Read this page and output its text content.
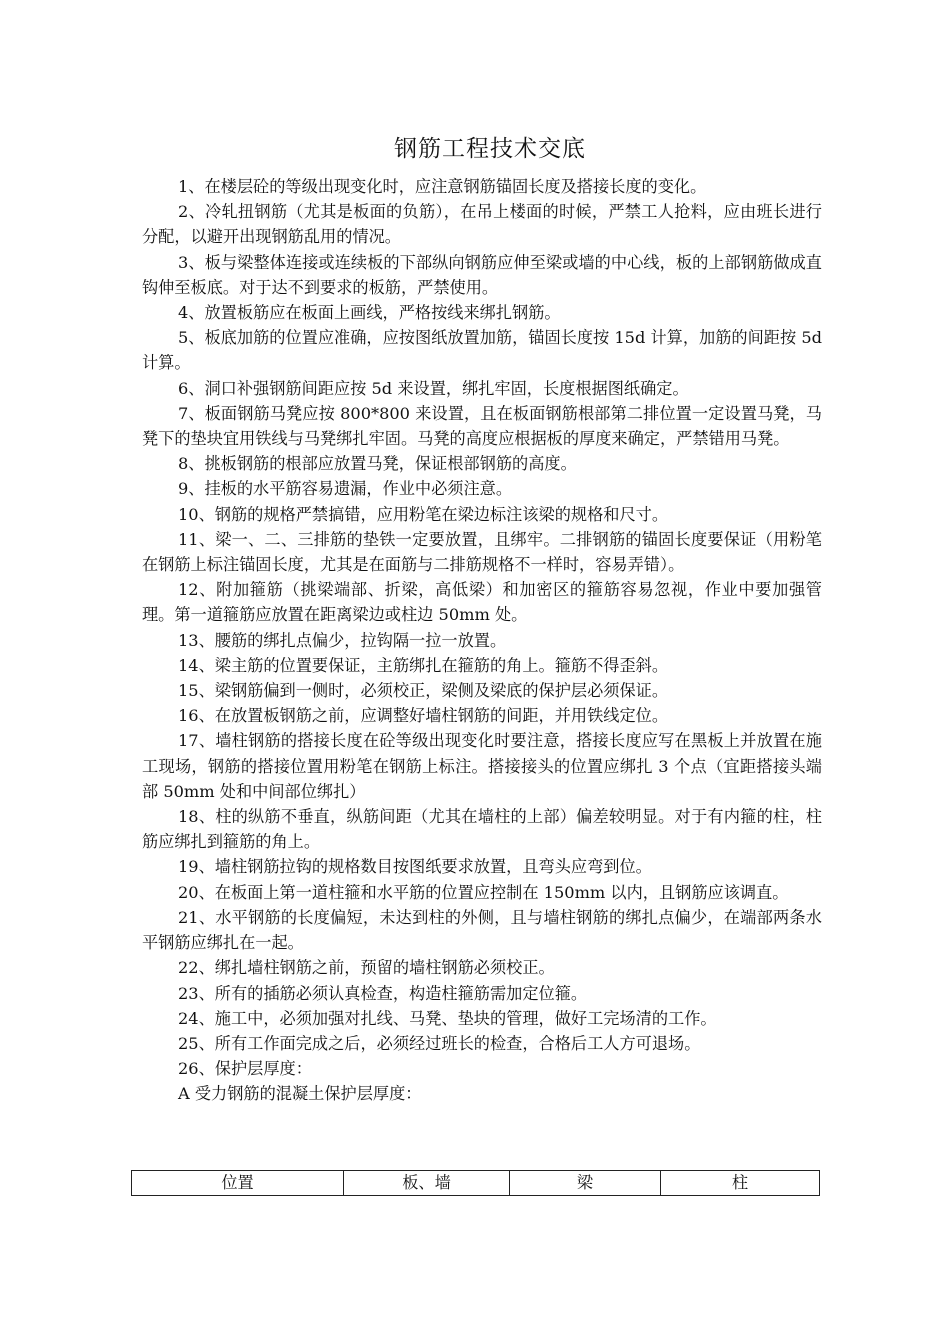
钢筋工程技术交底

1、在楼层砼的等级出现变化时，应注意钢筋锚固长度及搭接长度的变化。

2、冷轧扭钢筋（尤其是板面的负筋），在吊上楼面的时候，严禁工人抢料，应由班长进行分配，以避开出现钢筋乱用的情况。

3、板与梁整体连接或连续板的下部纵向钢筋应伸至梁或墙的中心线，板的上部钢筋做成直钩伸至板底。对于达不到要求的板筋，严禁使用。

4、放置板筋应在板面上画线，严格按线来绑扎钢筋。

5、板底加筋的位置应准确，应按图纸放置加筋，锚固长度按 15d 计算，加筋的间距按 5d 计算。

6、洞口补强钢筋间距应按 5d 来设置，绑扎牢固，长度根据图纸确定。

7、板面钢筋马凳应按 800*800 来设置，且在板面钢筋根部第二排位置一定设置马凳，马凳下的垫块宜用铁线与马凳绑扎牢固。马凳的高度应根据板的厚度来确定，严禁错用马凳。

8、挑板钢筋的根部应放置马凳，保证根部钢筋的高度。

9、挂板的水平筋容易遗漏，作业中必须注意。

10、钢筋的规格严禁搞错，应用粉笔在梁边标注该梁的规格和尺寸。

11、梁一、二、三排筋的垫铁一定要放置，且绑牢。二排钢筋的锚固长度要保证（用粉笔在钢筋上标注锚固长度，尤其是在面筋与二排筋规格不一样时，容易弄错）。

12、附加箍筋（挑梁端部、折梁，高低梁）和加密区的箍筋容易忽视，作业中要加强管理。第一道箍筋应放置在距离梁边或柱边 50mm 处。

13、腰筋的绑扎点偏少，拉钩隔一拉一放置。

14、梁主筋的位置要保证，主筋绑扎在箍筋的角上。箍筋不得歪斜。

15、梁钢筋偏到一侧时，必须校正，梁侧及梁底的保护层必须保证。

16、在放置板钢筋之前，应调整好墙柱钢筋的间距，并用铁线定位。

17、墙柱钢筋的搭接长度在砼等级出现变化时要注意，搭接长度应写在黑板上并放置在施工现场，钢筋的搭接位置用粉笔在钢筋上标注。搭接接头的位置应绑扎 3 个点（宜距搭接头端部 50mm 处和中间部位绑扎）

18、柱的纵筋不垂直，纵筋间距（尤其在墙柱的上部）偏差较明显。对于有内箍的柱，柱筋应绑扎到箍筋的角上。

19、墙柱钢筋拉钩的规格数目按图纸要求放置，且弯头应弯到位。

20、在板面上第一道柱箍和水平筋的位置应控制在 150mm 以内，且钢筋应该调直。

21、水平钢筋的长度偏短，未达到柱的外侧，且与墙柱钢筋的绑扎点偏少，在端部两条水平钢筋应绑扎在一起。

22、绑扎墙柱钢筋之前，预留的墙柱钢筋必须校正。

23、所有的插筋必须认真检查，构造柱箍筋需加定位箍。

24、施工中，必须加强对扎线、马凳、垫块的管理，做好工完场清的工作。

25、所有工作面完成之后，必须经过班长的检查，合格后工人方可退场。

26、保护层厚度：

A 受力钢筋的混凝土保护层厚度：

位置	板、墙	梁	柱
